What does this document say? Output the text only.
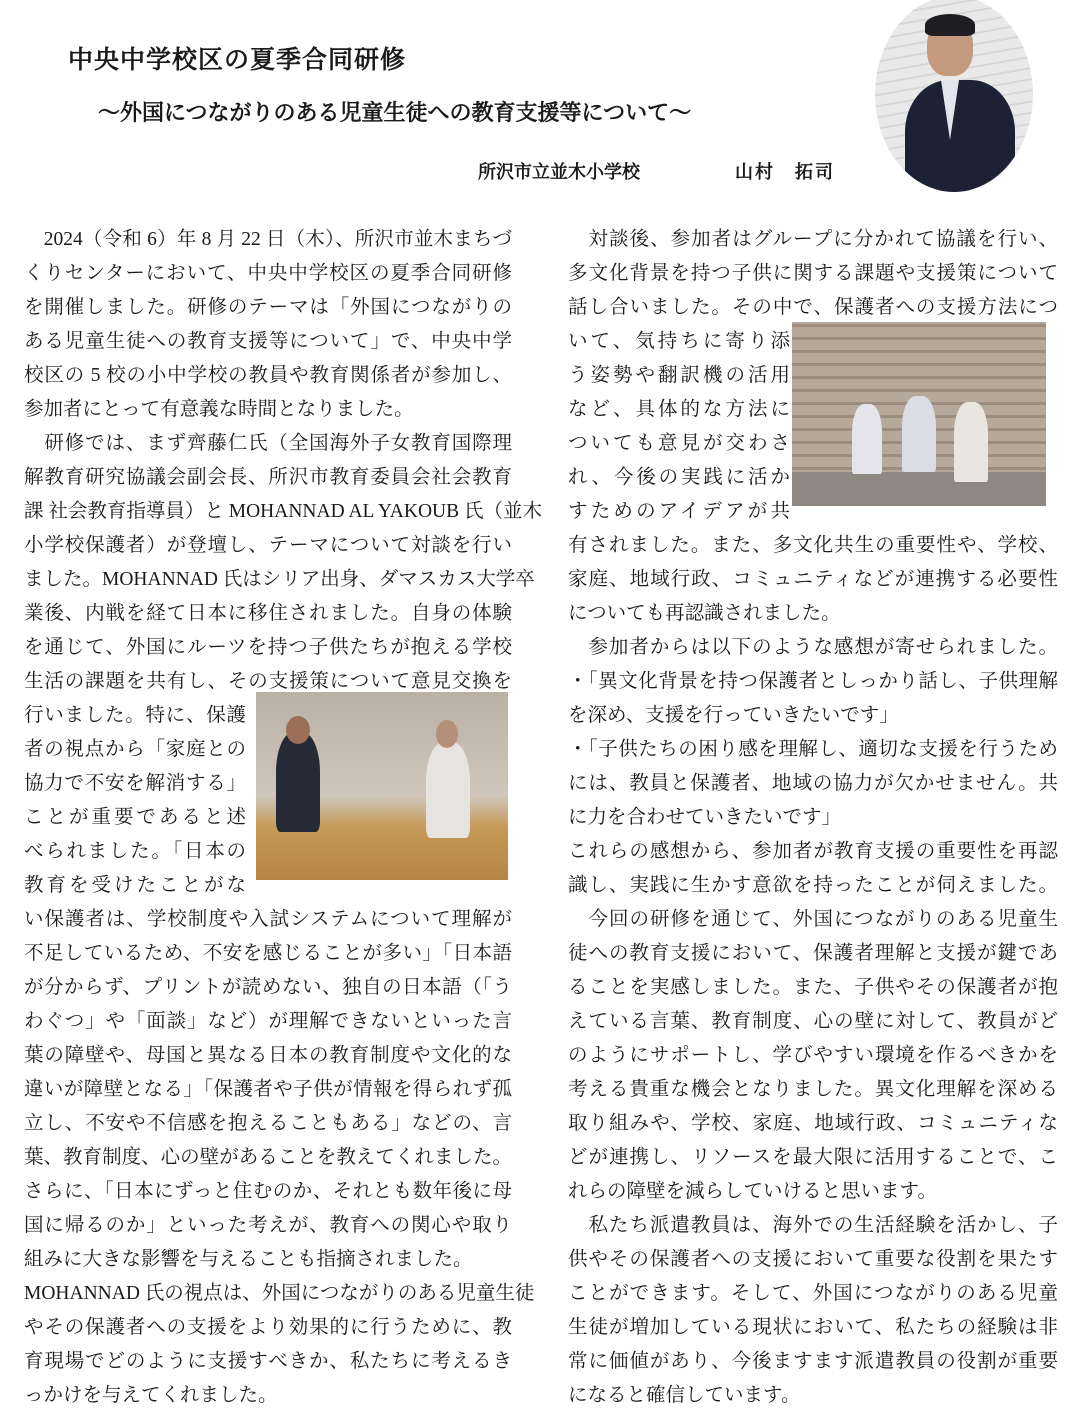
中央中学校区の夏季合同研修
～外国につながりのある児童生徒への教育支援等について～
所沢市立並木小学校	山村　拓司
　2024（令和 6）年 8 月 22 日（木）、所沢市並木まちづ
くりセンターにおいて、中央中学校区の夏季合同研修
を開催しました。研修のテーマは「外国につながりの
ある児童生徒への教育支援等について」で、中央中学
校区の 5 校の小中学校の教員や教育関係者が参加し、
参加者にとって有意義な時間となりました。
　研修では、まず齊藤仁氏（全国海外子女教育国際理
解教育研究協議会副会長、所沢市教育委員会社会教育
課 社会教育指導員）と MOHANNAD AL YAKOUB 氏（並木
小学校保護者）が登壇し、テーマについて対談を行い
ました。MOHANNAD 氏はシリア出身、ダマスカス大学卒
業後、内戦を経て日本に移住されました。自身の体験
を通じて、外国にルーツを持つ子供たちが抱える学校
生活の課題を共有し、その支援策について意見交換を
行いました。特に、保護
者の視点から「家庭との
協力で不安を解消する」
ことが重要であると述
べられました。「日本の
教育を受けたことがな
い保護者は、学校制度や入試システムについて理解が
不足しているため、不安を感じることが多い」「日本語
が分からず、プリントが読めない、独自の日本語（「う
わぐつ」や「面談」など）が理解できないといった言
葉の障壁や、母国と異なる日本の教育制度や文化的な
違いが障壁となる」「保護者や子供が情報を得られず孤
立し、不安や不信感を抱えることもある」などの、言
葉、教育制度、心の壁があることを教えてくれました。
さらに、「日本にずっと住むのか、それとも数年後に母
国に帰るのか」といった考えが、教育への関心や取り
組みに大きな影響を与えることも指摘されました。
MOHANNAD 氏の視点は、外国につながりのある児童生徒
やその保護者への支援をより効果的に行うために、教
育現場でどのように支援すべきか、私たちに考えるき
っかけを与えてくれました。
　対談後、参加者はグループに分かれて協議を行い、
多文化背景を持つ子供に関する課題や支援策について
話し合いました。その中で、保護者への支援方法につ
いて、気持ちに寄り添
う姿勢や翻訳機の活用
など、具体的な方法に
ついても意見が交わさ
れ、今後の実践に活か
すためのアイデアが共
有されました。また、多文化共生の重要性や、学校、
家庭、地域行政、コミュニティなどが連携する必要性
についても再認識されました。
　参加者からは以下のような感想が寄せられました。
・「異文化背景を持つ保護者としっかり話し、子供理解
を深め、支援を行っていきたいです」
・「子供たちの困り感を理解し、適切な支援を行うため
には、教員と保護者、地域の協力が欠かせません。共
に力を合わせていきたいです」
これらの感想から、参加者が教育支援の重要性を再認
識し、実践に生かす意欲を持ったことが伺えました。
　今回の研修を通じて、外国につながりのある児童生
徒への教育支援において、保護者理解と支援が鍵であ
ることを実感しました。また、子供やその保護者が抱
えている言葉、教育制度、心の壁に対して、教員がど
のようにサポートし、学びやすい環境を作るべきかを
考える貴重な機会となりました。異文化理解を深める
取り組みや、学校、家庭、地域行政、コミュニティな
どが連携し、リソースを最大限に活用することで、こ
れらの障壁を減らしていけると思います。
　私たち派遣教員は、海外での生活経験を活かし、子
供やその保護者への支援において重要な役割を果たす
ことができます。そして、外国につながりのある児童
生徒が増加している現状において、私たちの経験は非
常に価値があり、今後ますます派遣教員の役割が重要
になると確信しています。
